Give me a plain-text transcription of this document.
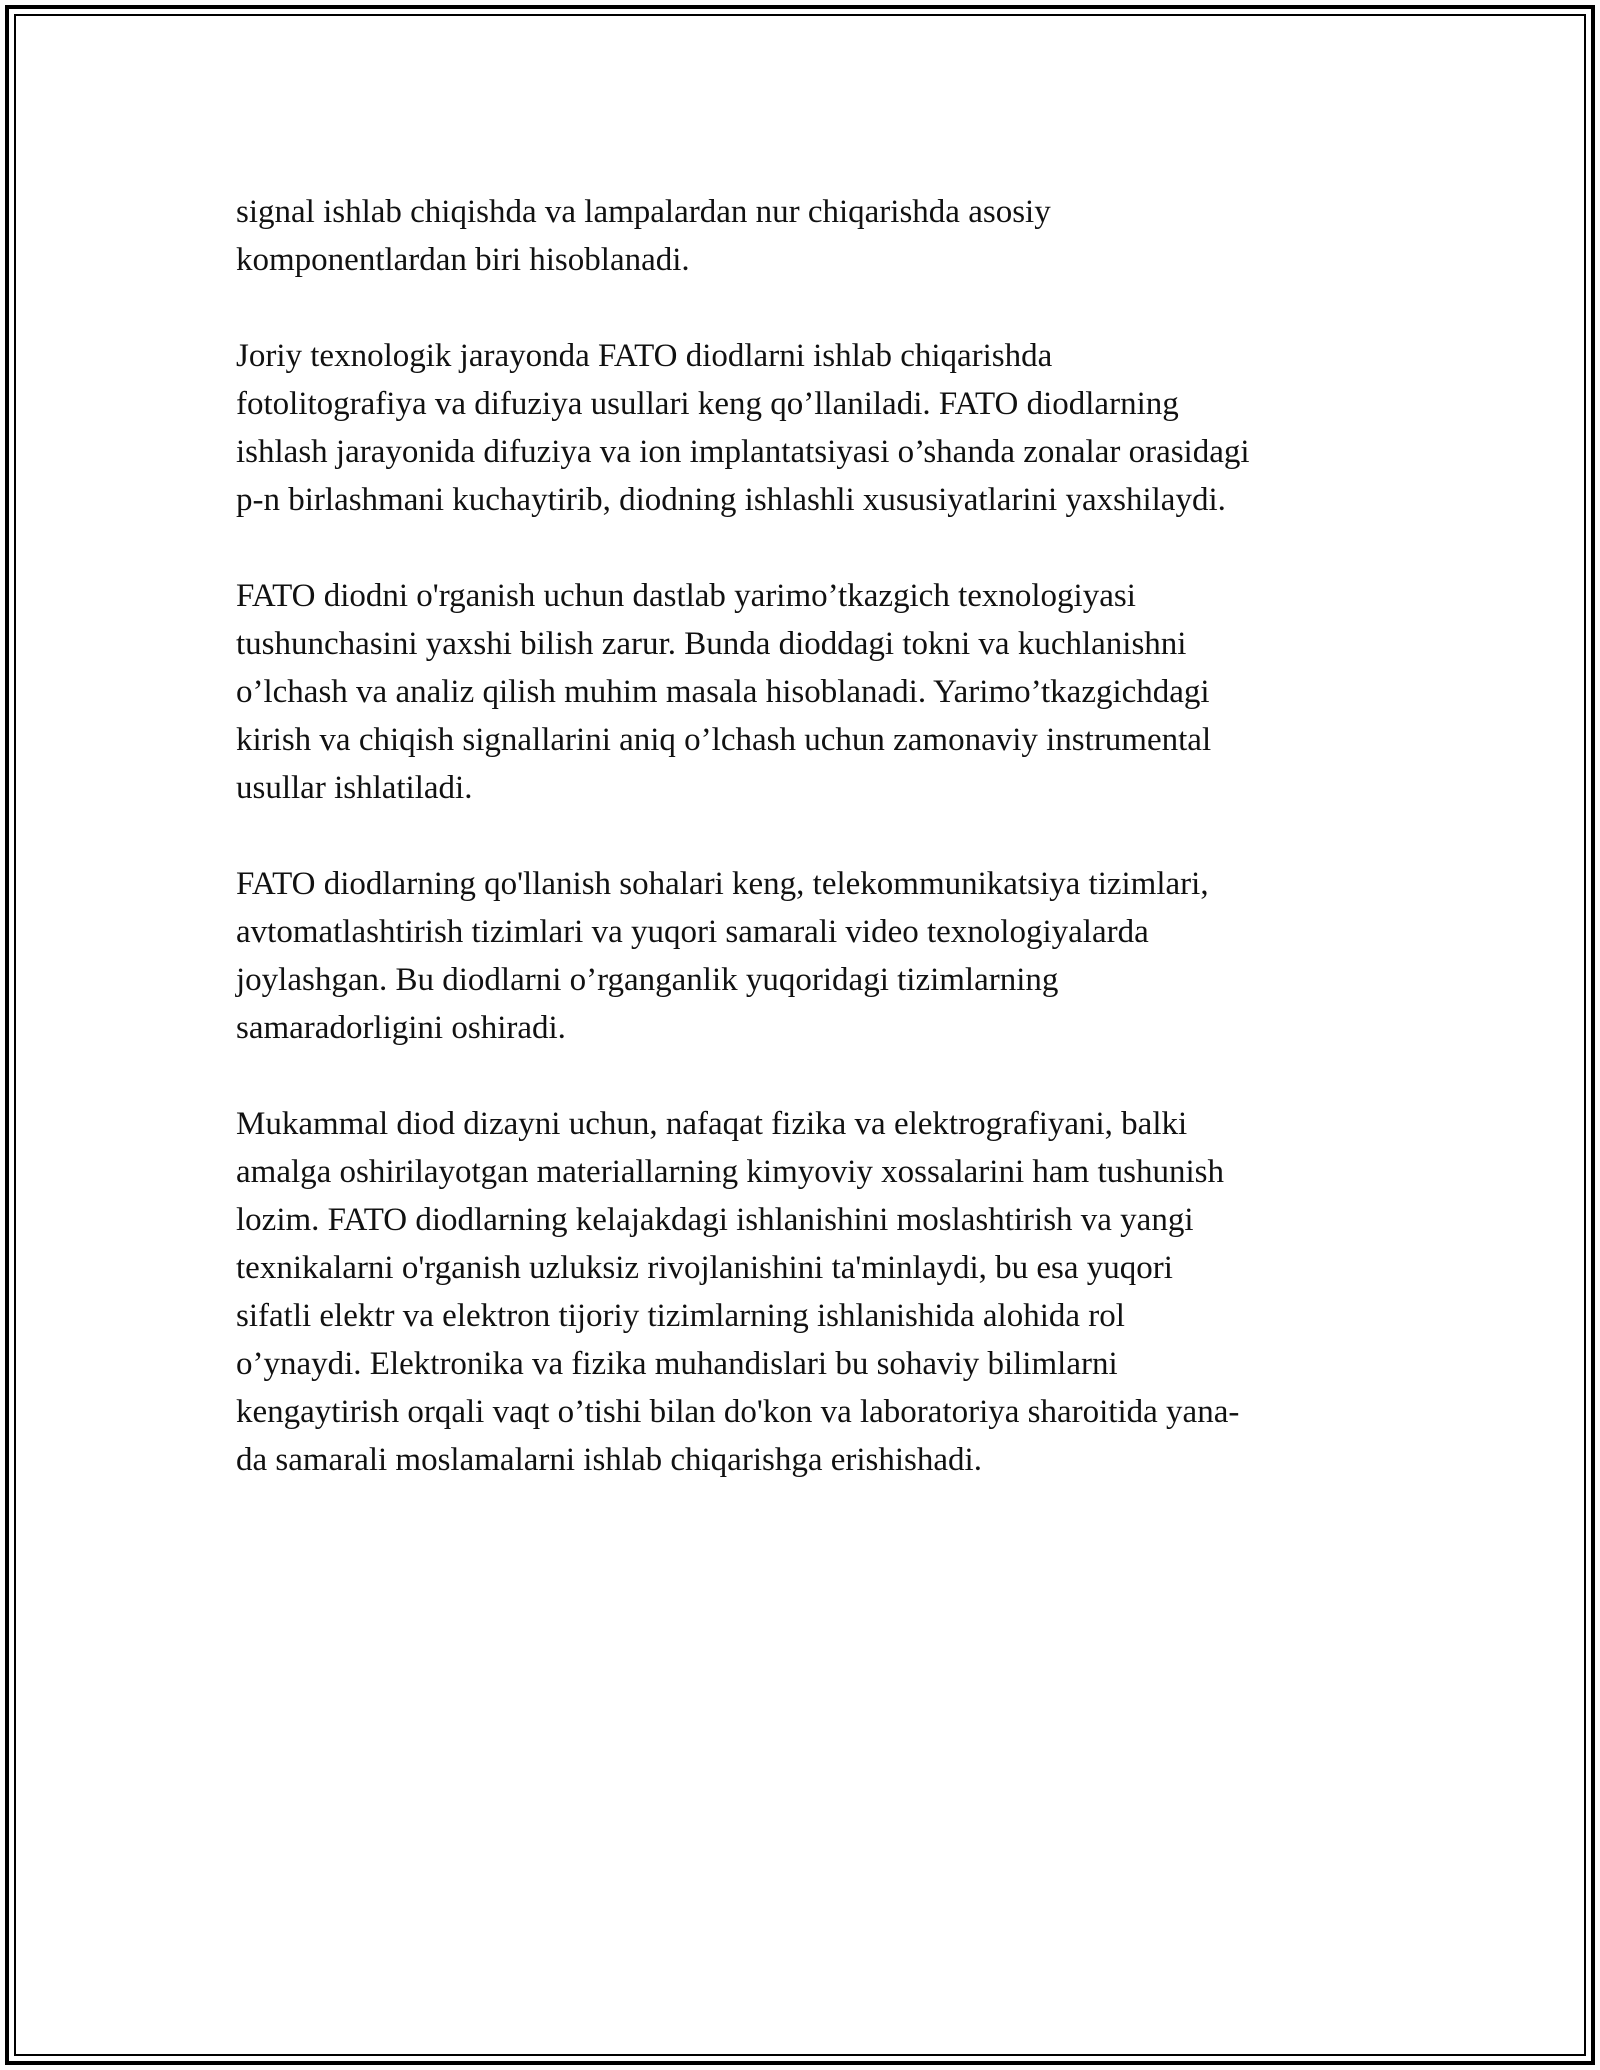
signal ishlab chiqishda va lampalardan nur chiqarishda asosiy
komponentlardan biri hisoblanadi.

Joriy texnologik jarayonda FATO diodlarni ishlab chiqarishda
fotolitografiya va difuziya usullari keng qo’llaniladi. FATO diodlarning
ishlash jarayonida difuziya va ion implantatsiyasi o’shanda zonalar orasidagi
p-n birlashmani kuchaytirib, diodning ishlashli xususiyatlarini yaxshilaydi.

FATO diodni o'rganish uchun dastlab yarimo’tkazgich texnologiyasi
tushunchasini yaxshi bilish zarur. Bunda dioddagi tokni va kuchlanishni
o’lchash va analiz qilish muhim masala hisoblanadi. Yarimo’tkazgichdagi
kirish va chiqish signallarini aniq o’lchash uchun zamonaviy instrumental
usullar ishlatiladi.

FATO diodlarning qo'llanish sohalari keng, telekommunikatsiya tizimlari,
avtomatlashtirish tizimlari va yuqori samarali video texnologiyalarda
joylashgan. Bu diodlarni o’rganganlik yuqoridagi tizimlarning
samaradorligini oshiradi.

Mukammal diod dizayni uchun, nafaqat fizika va elektrografiyani, balki
amalga oshirilayotgan materiallarning kimyoviy xossalarini ham tushunish
lozim. FATO diodlarning kelajakdagi ishlanishini moslashtirish va yangi
texnikalarni o'rganish uzluksiz rivojlanishini ta'minlaydi, bu esa yuqori
sifatli elektr va elektron tijoriy tizimlarning ishlanishida alohida rol
o’ynaydi. Elektronika va fizika muhandislari bu sohaviy bilimlarni
kengaytirish orqali vaqt o’tishi bilan do'kon va laboratoriya sharoitida yana-
da samarali moslamalarni ishlab chiqarishga erishishadi.
